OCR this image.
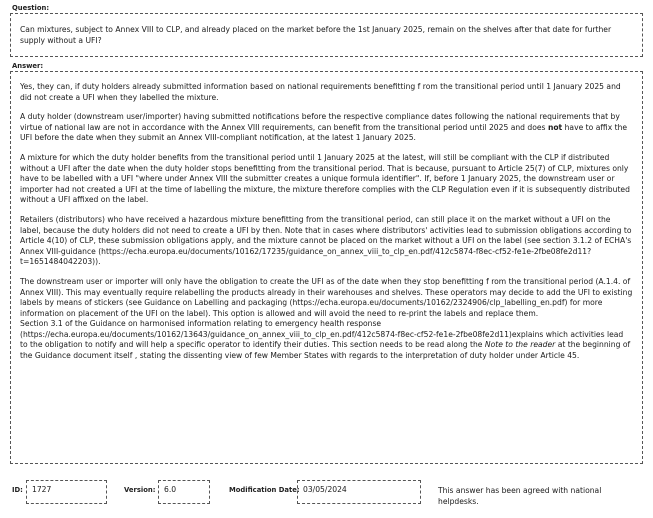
Question:
Can mixtures, subject to Annex VIII to CLP, and already placed on the market before the 1st January 2025, remain on the shelves after that date for further supply without a UFI?
Answer:

Yes, they can, if duty holders already submitted information based on national requirements benefitting f rom the transitional period until 1 January 2025 and did not create a UFI when they labelled the mixture.

A duty holder (downstream user/importer) having submitted notifications before the respective compliance dates following the national requirements that by virtue of national law are not in accordance with the Annex VIII requirements, can benefit from the transitional period until 2025 and does not have to affix the UFI before the date when they submit an Annex VIII-compliant notification, at the latest 1 January 2025.

A mixture for which the duty holder benefits from the transitional period until 1 January 2025 at the latest, will still be compliant with the CLP if distributed without a UFI after the date when the duty holder stops benefitting from the transitional period. That is because, pursuant to Article 25(7) of CLP, mixtures only have to be labelled with a UFI "where under Annex VIII the submitter creates a unique formula identifier". If, before 1 January 2025, the downstream user or importer had not created a UFI at the time of labelling the mixture, the mixture therefore complies with the CLP Regulation even if it is subsequently distributed without a UFI affixed on the label.

Retailers (distributors) who have received a hazardous mixture benefitting from the transitional period, can still place it on the market without a UFI on the label, because the duty holders did not need to create a UFI by then. Note that in cases where distributors' activities lead to submission obligations according to Article 4(10) of CLP, these submission obligations apply, and the mixture cannot be placed on the market without a UFI on the label (see section 3.1.2 of ECHA's Annex VIII-guidance (https://echa.europa.eu/documents/10162/17235/guidance_on_annex_viii_to_clp_en.pdf/412c5874-f8ec-cf52-fe1e-2fbe08fe2d11?t=1651484042203)).

The downstream user or importer will only have the obligation to create the UFI as of the date when they stop benefitting f rom the transitional period (A.1.4. of Annex VIII). This may eventually require relabelling the products already in their warehouses and shelves. These operators may decide to add the UFI to existing labels by means of stickers (see Guidance on Labelling and packaging (https://echa.europa.eu/documents/10162/2324906/clp_labelling_en.pdf) for more information on placement of the UFI on the label). This option is allowed and will avoid the need to re-print the labels and replace them.

Section 3.1 of the Guidance on harmonised information relating to emergency health response (https://echa.europa.eu/documents/10162/13643/guidance_on_annex_viii_to_clp_en.pdf/412c5874-f8ec-cf52-fe1e-2fbe08fe2d11)explains which activities lead to the obligation to notify and will help a specific operator to identify their duties. This section needs to be read along the Note to the reader at the beginning of the Guidance document itself , stating the dissenting view of few Member States with regards to the interpretation of duty holder under Article 45.

ID:	1727	Version:	6.0	Modification Date: 03/05/2024	This answer has been agreed with national helpdesks.
